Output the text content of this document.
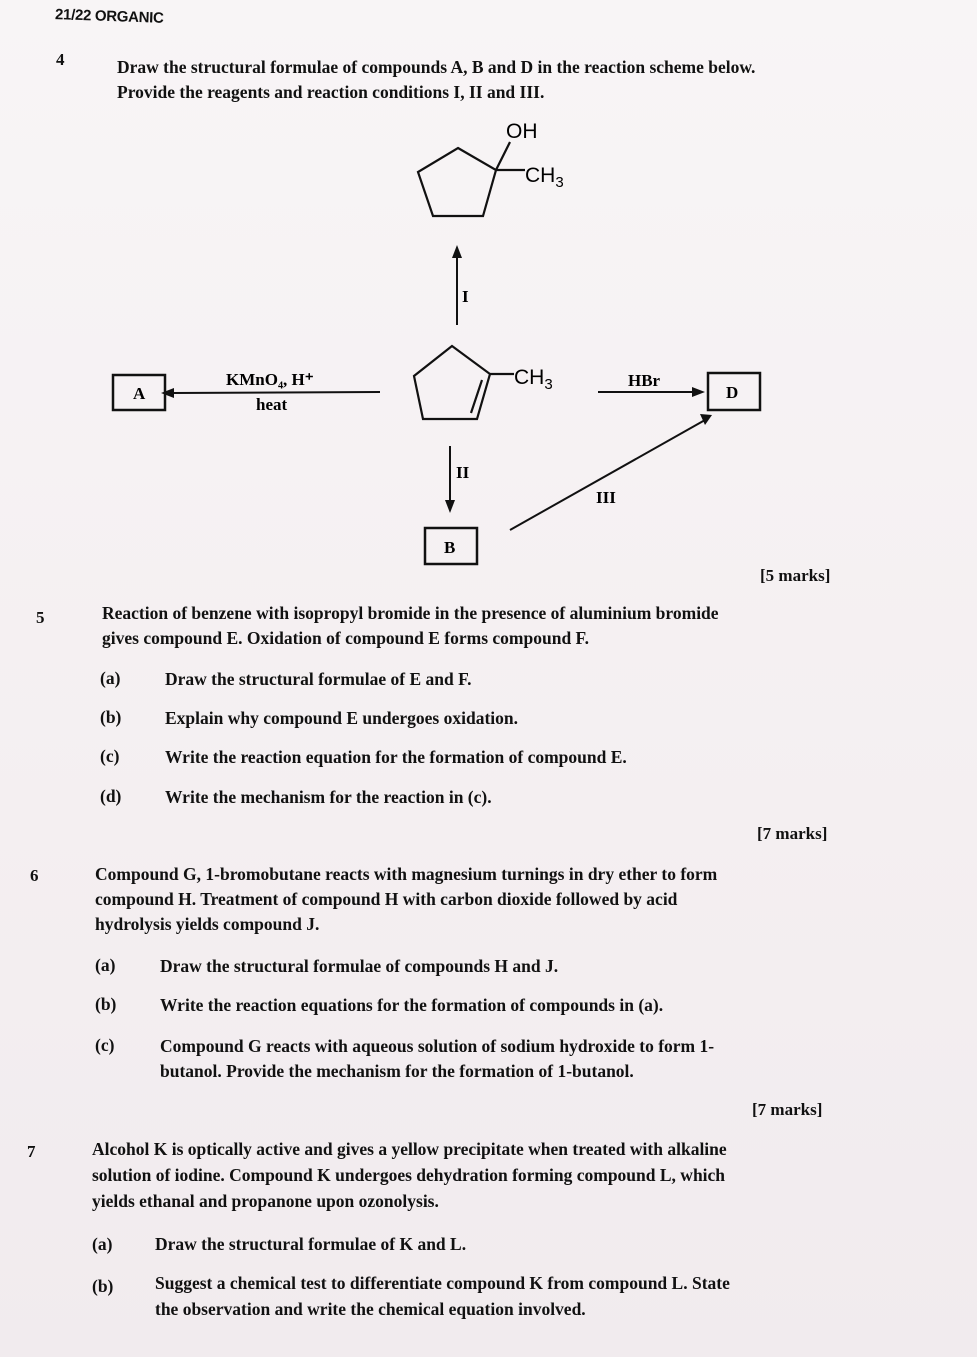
21/22 ORGANIC
4	Draw the structural formulae of compounds A, B and D in the reaction scheme below.
Provide the reagents and reaction conditions I, II and III.
OH
$CH_3$
I
$CH_3$
KMnO₄, H⁺
heat
A
HBr
D
II
B
III
[5 marks]
5	Reaction of benzene with isopropyl bromide in the presence of aluminium bromide
gives compound E. Oxidation of compound E forms compound F.
(a)	Draw the structural formulae of E and F.
(b) Explain why compound E undergoes oxidation.
(c)	Write the reaction equation for the formation of compound E.
(d) Write the mechanism for the reaction in (c).
[7 marks]
6	Compound G, 1-bromobutane reacts with magnesium turnings in dry ether to form
compound H. Treatment of compound H with carbon dioxide followed by acid
hydrolysis yields compound J.
(a)	Draw the structural formulae of compounds H and J.
(b) Write the reaction equations for the formation of compounds in (a).
(c)	Compound G reacts with aqueous solution of sodium hydroxide to form 1-
butanol. Provide the mechanism for the formation of 1-butanol.
[7 marks]
7	Alcohol K is optically active and gives a yellow precipitate when treated with alkaline
solution of iodine. Compound K undergoes dehydration forming compound L, which
yields ethanal and propanone upon ozonolysis.
(a) Draw the structural formulae of K and L.
(b) Suggest a chemical test to differentiate compound K from compound L. State
the observation and write the chemical equation involved.
